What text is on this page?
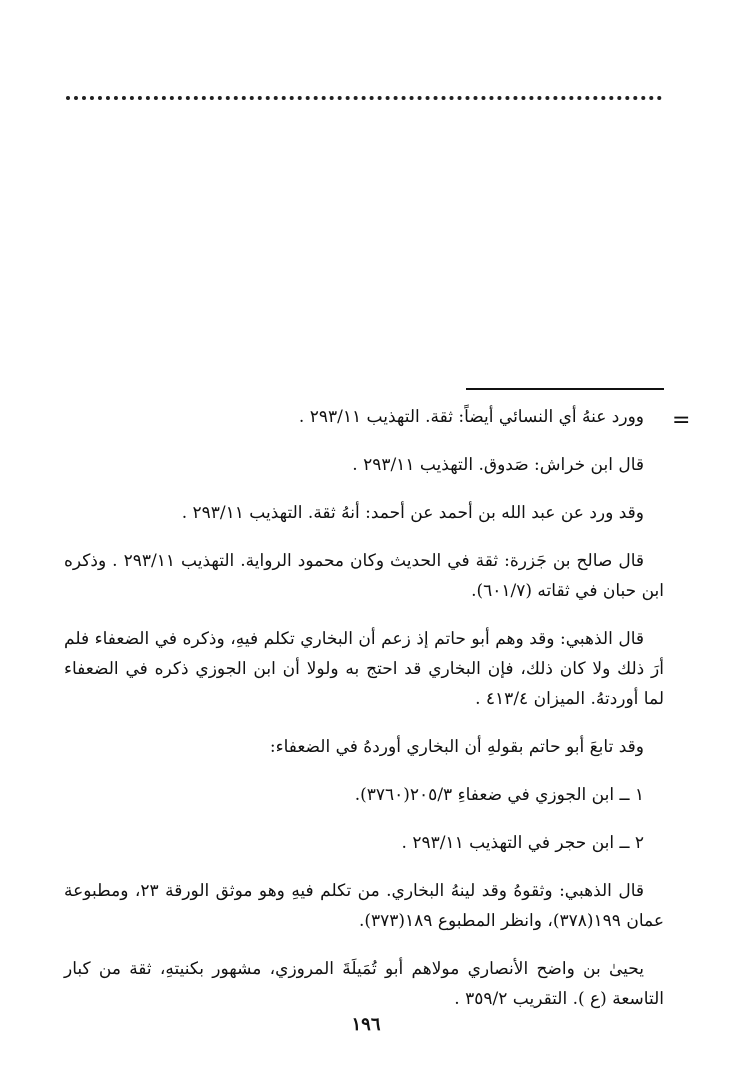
=

وورد عنهُ أي النسائي أيضاً: ثقة. التهذيب ٢٩٣/١١ .

قال ابن خراش: صَدوق. التهذيب ٢٩٣/١١ .

وقد ورد عن عبد الله بن أحمد عن أحمد: أنهُ ثقة. التهذيب ٢٩٣/١١ .

قال صالح بن جَزرة: ثقة في الحديث وكان محمود الرواية. التهذيب ٢٩٣/١١ . وذكره ابن حبان في ثقاته (٦٠١/٧).

قال الذهبي: وقد وهم أبو حاتم إذ زعم أن البخاري تكلم فيهِ، وذكره في الضعفاء فلم أرَ ذلك ولا كان ذلك، فإن البخاري قد احتج به ولولا أن ابن الجوزي ذكره في الضعفاء لما أوردتهُ. الميزان ٤١٣/٤ .

وقد تابعَ أبو حاتم بقولهِ أن البخاري أوردهُ في الضعفاء:

١ ــ ابن الجوزي في ضعفاءِ ٢٠٥/٣(٣٧٦٠).

٢ ــ ابن حجر في التهذيب ٢٩٣/١١ .

قال الذهبي: وثقوهُ وقد لينهُ البخاري. من تكلم فيهِ وهو موثق الورقة ٢٣، ومطبوعة عمان ١٩٩(٣٧٨)، وانظر المطبوع ١٨٩(٣٧٣).

يحيىٰ بن واضح الأنصاري مولاهم أبو تُمَيلَةَ المروزي، مشهور بكنيتهِ، ثقة من كبار التاسعة (ع ). التقريب ٣٥٩/٢ .

١٩٦
